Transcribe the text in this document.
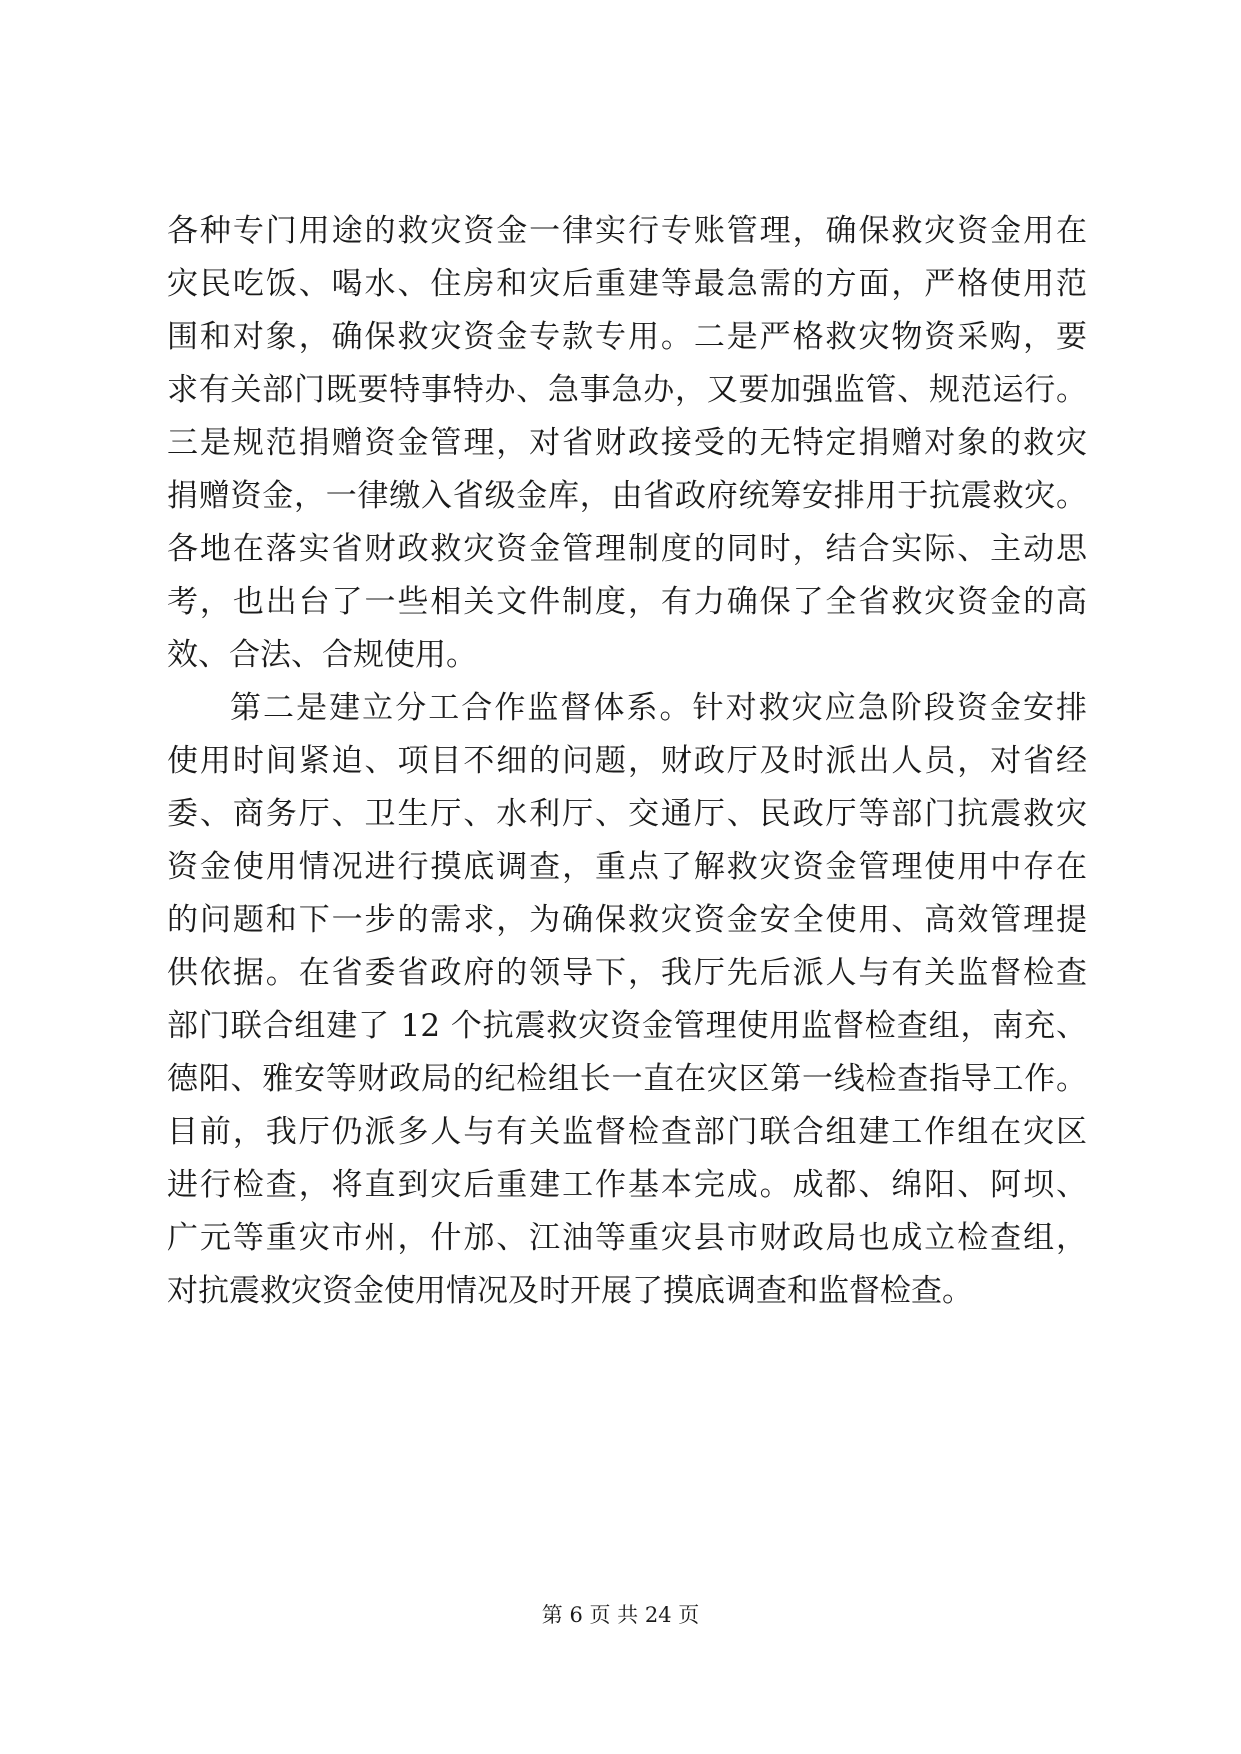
各种专门用途的救灾资金一律实行专账管理，确保救灾资金用在
灾民吃饭、喝水、住房和灾后重建等最急需的方面，严格使用范
围和对象，确保救灾资金专款专用。二是严格救灾物资采购，要
求有关部门既要特事特办、急事急办，又要加强监管、规范运行。
三是规范捐赠资金管理，对省财政接受的无特定捐赠对象的救灾
捐赠资金，一律缴入省级金库，由省政府统筹安排用于抗震救灾。
各地在落实省财政救灾资金管理制度的同时，结合实际、主动思
考，也出台了一些相关文件制度，有力确保了全省救灾资金的高
效、合法、合规使用。
第二是建立分工合作监督体系。针对救灾应急阶段资金安排
使用时间紧迫、项目不细的问题，财政厅及时派出人员，对省经
委、商务厅、卫生厅、水利厅、交通厅、民政厅等部门抗震救灾
资金使用情况进行摸底调查，重点了解救灾资金管理使用中存在
的问题和下一步的需求，为确保救灾资金安全使用、高效管理提
供依据。在省委省政府的领导下，我厅先后派人与有关监督检查
部门联合组建了 12 个抗震救灾资金管理使用监督检查组，南充、
德阳、雅安等财政局的纪检组长一直在灾区第一线检查指导工作。
目前，我厅仍派多人与有关监督检查部门联合组建工作组在灾区
进行检查，将直到灾后重建工作基本完成。成都、绵阳、阿坝、
广元等重灾市州，什邡、江油等重灾县市财政局也成立检查组，
对抗震救灾资金使用情况及时开展了摸底调查和监督检查。
第 6 页 共 24 页
